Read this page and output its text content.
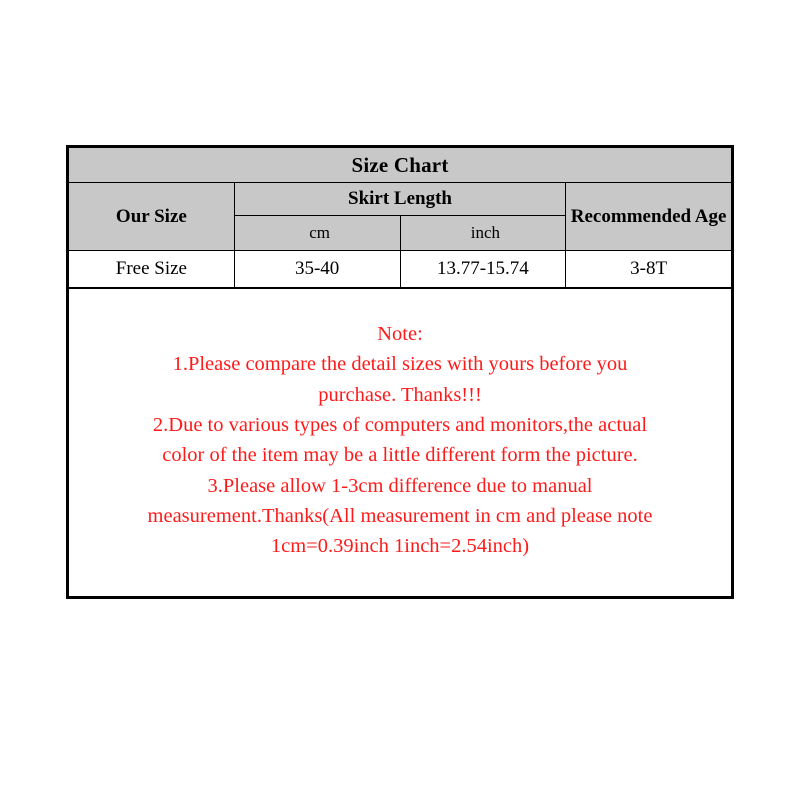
Size Chart			
Our Size	Skirt Length		Recommended Age
	cm	inch	
Free Size	35-40	13.77-15.74	3-8T

Note:
1.Please compare the detail sizes with yours before you
purchase. Thanks!!!
2.Due to various types of computers and monitors,the actual
color of the item may be a little different form the picture.
3.Please allow 1-3cm difference due to manual
measurement.Thanks(All measurement in cm and please note
1cm=0.39inch 1inch=2.54inch)
